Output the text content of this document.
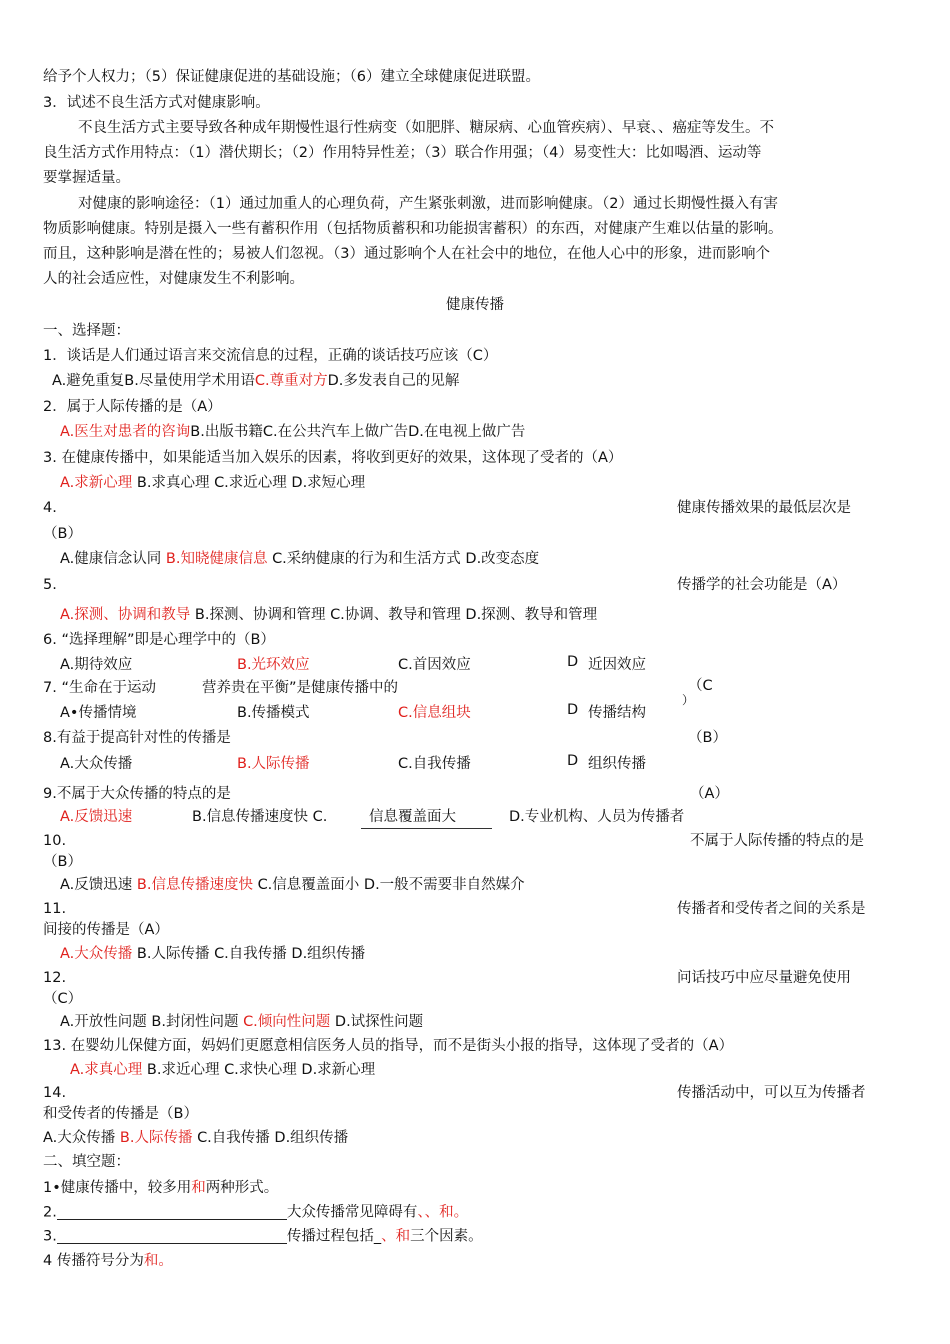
给予个人权力；（5）保证健康促进的基础设施；（6）建立全球健康促进联盟。
3．试述不良生活方式对健康影响。
不良生活方式主要导致各种成年期慢性退行性病变（如肥胖、糖尿病、心血管疾病）、早衰、、癌症等发生。不
良生活方式作用特点：（1）潜伏期长；（2）作用特异性差；（3）联合作用强；（4）易变性大：比如喝酒、运动等
要掌握适量。
对健康的影响途径：（1）通过加重人的心理负荷，产生紧张刺激，进而影响健康。（2）通过长期慢性摄入有害
物质影响健康。特别是摄入一些有蓄积作用（包括物质蓄积和功能损害蓄积）的东西，对健康产生难以估量的影响。
而且，这种影响是潜在性的；易被人们忽视。（3）通过影响个人在社会中的地位，在他人心中的形象，进而影响个
人的社会适应性，对健康发生不利影响。
健康传播
一、选择题：
1．谈话是人们通过语言来交流信息的过程，正确的谈话技巧应该（C）
A.避免重复B.尽量使用学术用语C.尊重对方D.多发表自己的见解
2．属于人际传播的是（A）
A.医生对患者的咨询B.出版书籍C.在公共汽车上做广告D.在电视上做广告
3. 在健康传播中，如果能适当加入娱乐的因素，将收到更好的效果，这体现了受者的（A）
A.求新心理 B.求真心理 C.求近心理 D.求短心理
4.	健康传播效果的最低层次是
（B）
A.健康信念认同 B.知晓健康信息 C.采纳健康的行为和生活方式 D.改变态度
5.	传播学的社会功能是（A）
A.探测、协调和教导 B.探测、协调和管理 C.协调、教导和管理 D.探测、教导和管理
6. “选择理解”即是心理学中的（B）
A.期待效应	B.光环效应	C.首因效应	D 近因效应
7. “生命在于运动	营养贵在平衡”是健康传播中的	（C
）
A•传播情境	B.传播模式	C.信息组块	D 传播结构
8.有益于提高针对性的传播是	（B）
A.大众传播	B.人际传播	C.自我传播	D 组织传播
9.不属于大众传播的特点的是	（A）
A.反馈迅速	B.信息传播速度快 C.	信息覆盖面大	D.专业机构、人员为传播者
10.	不属于人际传播的特点的是
（B）
A.反馈迅速 B.信息传播速度快 C.信息覆盖面小 D.一般不需要非自然媒介
11.	传播者和受传者之间的关系是
间接的传播是（A）
A.大众传播 B.人际传播 C.自我传播 D.组织传播
12.	问话技巧中应尽量避免使用
（C）
A.开放性问题 B.封闭性问题 C.倾向性问题 D.试探性问题
13. 在婴幼儿保健方面，妈妈们更愿意相信医务人员的指导，而不是街头小报的指导，这体现了受者的（A）
A.求真心理 B.求近心理 C.求快心理 D.求新心理
14.	传播活动中，可以互为传播者
和受传者的传播是（B）
A.大众传播 B.人际传播 C.自我传播 D.组织传播
二、填空题：
1•健康传播中，较多用和两种形式。
2.	大众传播常见障碍有、、和。
3.	传播过程包括_、和三个因素。
4 传播符号分为和。
